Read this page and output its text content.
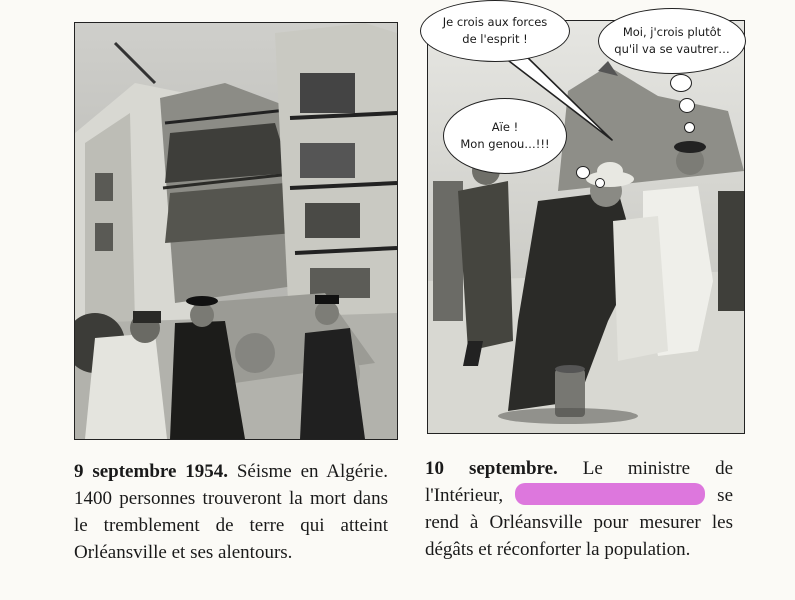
Je crois aux forces
de l'esprit !	Moi, j'crois plutôt
qu'il va se vautrer…
Aïe !
Mon genou…!!!
9 septembre 1954. Séisme en Algérie. 1400 personnes trouveront la mort dans le tremblement de terre qui atteint Orléansville et ses alentours.
10 septembre. Le ministre de l'Intérieur,	se rend à Orléansville pour mesurer les dégâts et réconforter la population.
